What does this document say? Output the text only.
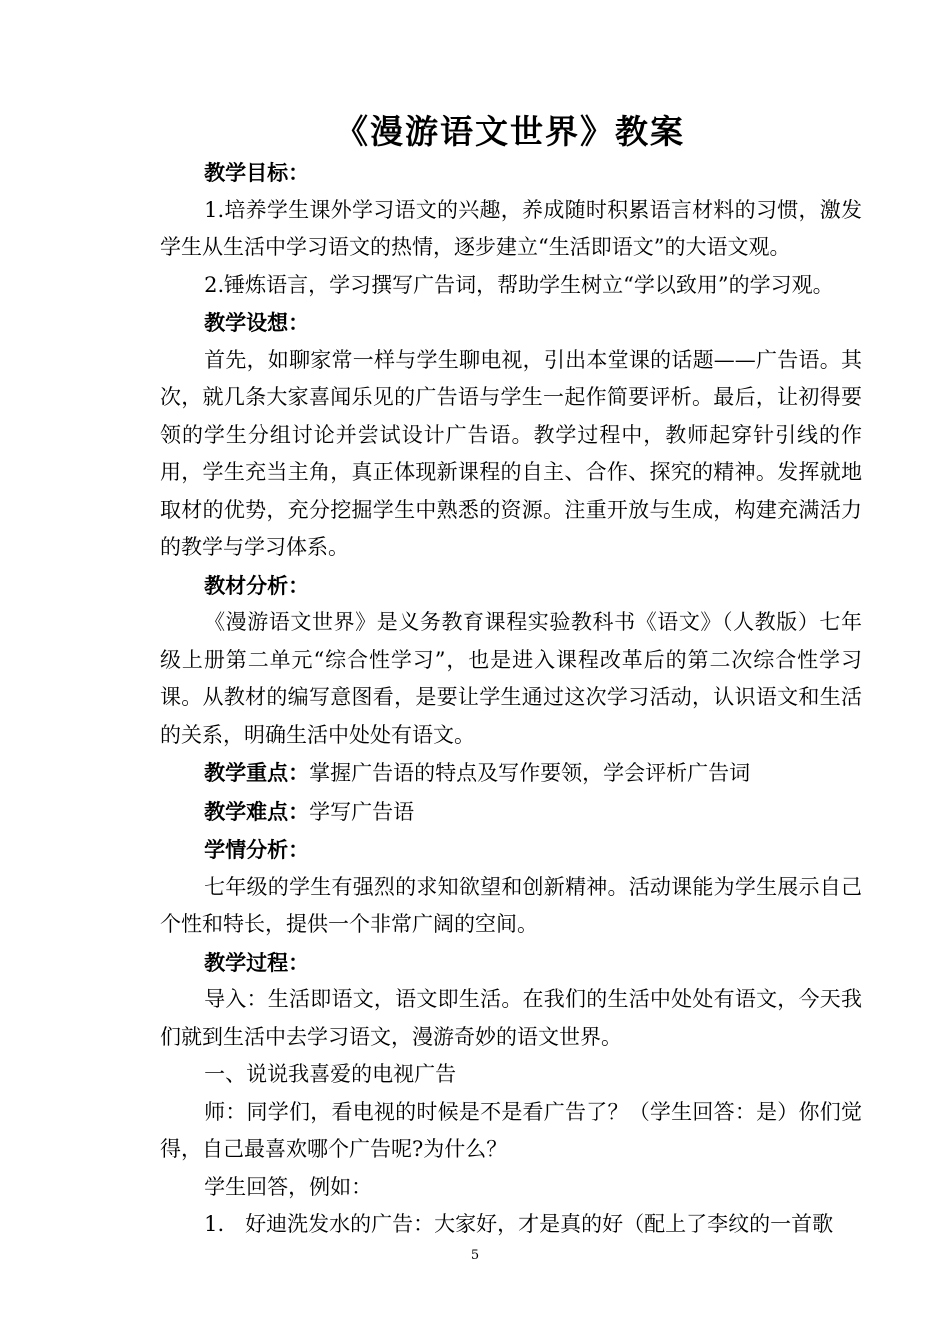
《漫游语文世界》教案

教学目标：

1.培养学生课外学习语文的兴趣，养成随时积累语言材料的习惯，激发学生从生活中学习语文的热情，逐步建立“生活即语文”的大语文观。

2.锤炼语言，学习撰写广告词，帮助学生树立“学以致用”的学习观。

教学设想：

首先，如聊家常一样与学生聊电视，引出本堂课的话题——广告语。其次，就几条大家喜闻乐见的广告语与学生一起作简要评析。最后，让初得要领的学生分组讨论并尝试设计广告语。教学过程中，教师起穿针引线的作用，学生充当主角，真正体现新课程的自主、合作、探究的精神。发挥就地取材的优势，充分挖掘学生中熟悉的资源。注重开放与生成，构建充满活力的教学与学习体系。

教材分析：

《漫游语文世界》是义务教育课程实验教科书《语文》（人教版）七年级上册第二单元“综合性学习”，也是进入课程改革后的第二次综合性学习课。从教材的编写意图看，是要让学生通过这次学习活动，认识语文和生活的关系，明确生活中处处有语文。

教学重点：掌握广告语的特点及写作要领，学会评析广告词

教学难点：学写广告语

学情分析：

七年级的学生有强烈的求知欲望和创新精神。活动课能为学生展示自己个性和特长，提供一个非常广阔的空间。

教学过程：

导入：生活即语文，语文即生活。在我们的生活中处处有语文，今天我们就到生活中去学习语文，漫游奇妙的语文世界。

一、说说我喜爱的电视广告

师：同学们，看电视的时候是不是看广告了？（学生回答：是）你们觉得，自己最喜欢哪个广告呢?为什么？

学生回答，例如：

1.　好迪洗发水的广告：大家好，才是真的好（配上了李纹的一首歌

5
